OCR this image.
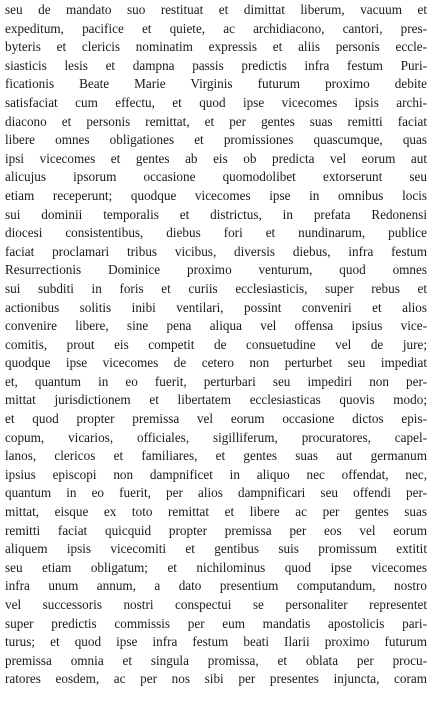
seu de mandato suo restituat et dimittat liberum, vacuum et
expeditum, pacifice et quiete, ac archidiacono, cantori, pres-
byteris et clericis nominatim expressis et aliis personis eccle-
siasticis lesis et dampna passis predictis infra festum Puri-
ficationis Beate Marie Virginis futurum proximo debite
satisfaciat cum effectu, et quod ipse vicecomes ipsis archi-
diacono et personis remittat, et per gentes suas remitti faciat
libere omnes obligationes et promissiones quascumque, quas
ipsi vicecomes et gentes ab eis ob predicta vel eorum aut
alicujus ipsorum occasione quomodolibet extorserunt seu
etiam receperunt; quodque vicecomes ipse in omnibus locis
sui dominii temporalis et districtus, in prefata Redonensi
diocesi consistentibus, diebus fori et nundinarum, publice
faciat proclamari tribus vicibus, diversis diebus, infra festum
Resurrectionis Dominice proximo venturum, quod omnes
sui subditi in foris et curiis ecclesiasticis, super rebus et
actionibus solitis inibi ventilari, possint conveniri et alios
convenire libere, sine pena aliqua vel offensa ipsius vice-
comitis, prout eis competit de consuetudine vel de jure;
quodque ipse vicecomes de cetero non perturbet seu impediat
et, quantum in eo fuerit, perturbari seu impediri non per-
mittat jurisdictionem et libertatem ecclesiasticas quovis modo;
et quod propter premissa vel eorum occasione dictos epis-
copum, vicarios, officiales, sigilliferum, procuratores, capel-
lanos, clericos et familiares, et gentes suas aut germanum
ipsius episcopi non dampnificet in aliquo nec offendat, nec,
quantum in eo fuerit, per alios dampnificari seu offendi per-
mittat, eisque ex toto remittat et libere ac per gentes suas
remitti faciat quicquid propter premissa per eos vel eorum
aliquem ipsis vicecomiti et gentibus suis promissum extitit
seu etiam obligatum; et nichilominus quod ipse vicecomes
infra unum annum, a dato presentium computandum, nostro
vel successoris nostri conspectui se personaliter representet
super predictis commissis per eum mandatis apostolicis pari-
turus; et quod ipse infra festum beati Ilarii proximo futurum
premissa omnia et singula promissa, et oblata per procu-
ratores eosdem, ac per nos sibi per presentes injuncta, coram
